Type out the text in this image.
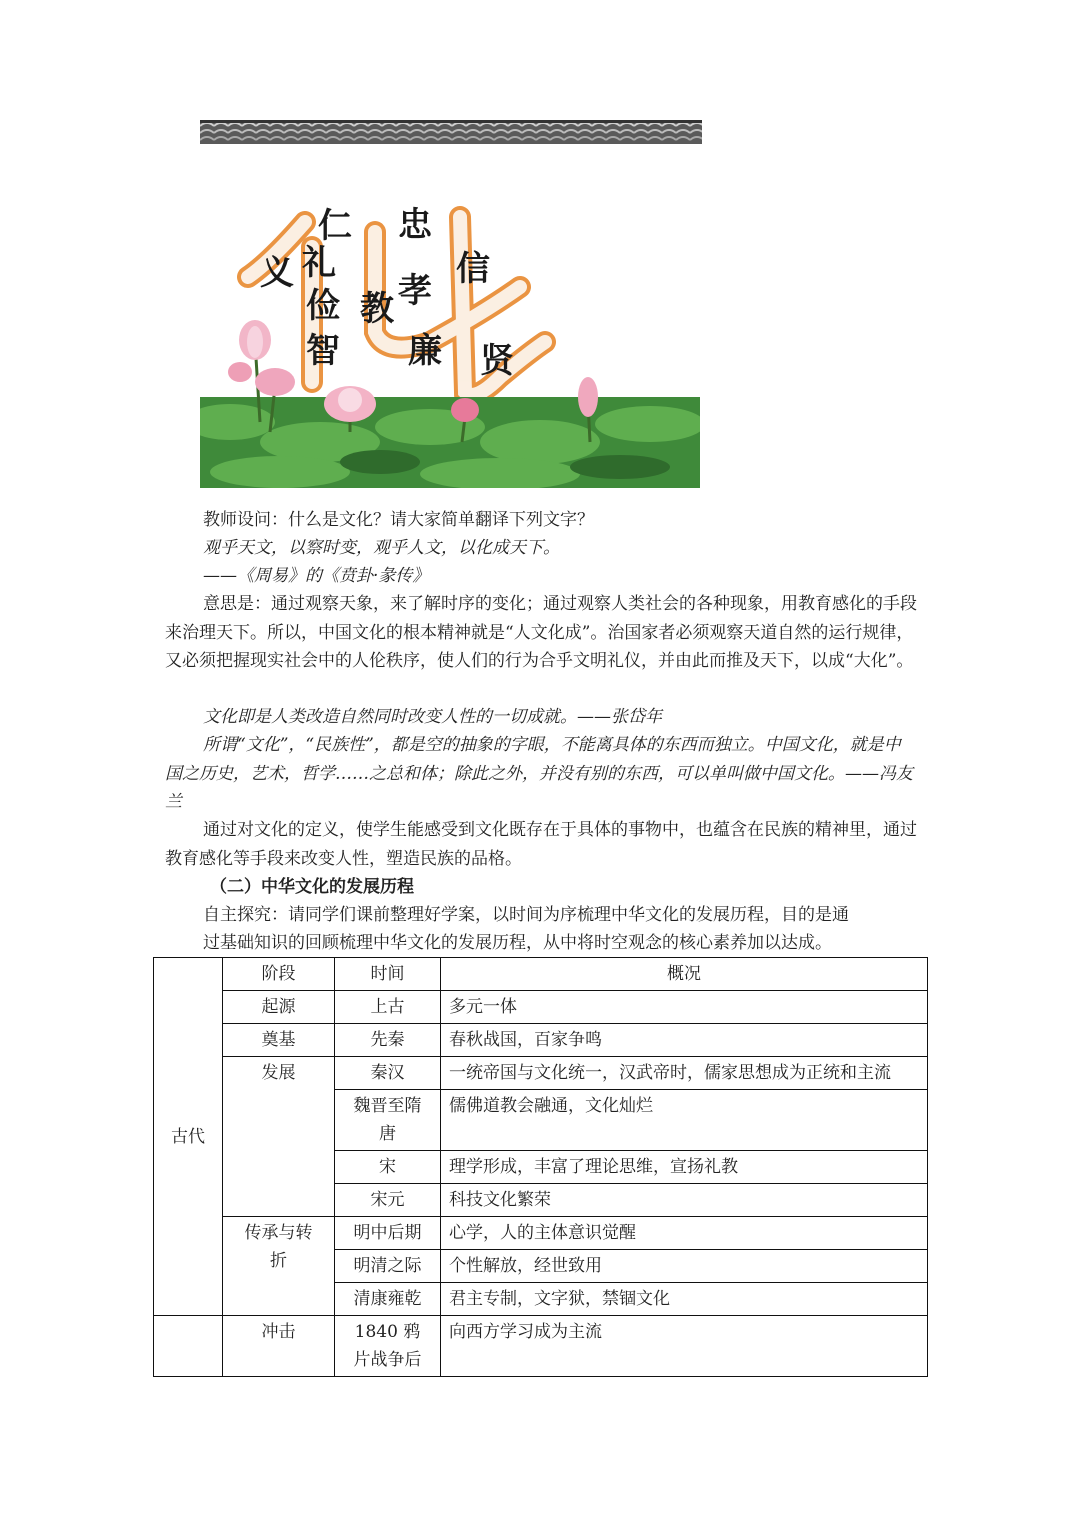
仁 忠
义 礼	信
俭 教 孝
智 廉 贤

教师设问：什么是文化？请大家简单翻译下列文字？

观乎天文，以察时变，观乎人文，以化成天下。

——《周易》的《贲卦·彖传》

意思是：通过观察天象，来了解时序的变化；通过观察人类社会的各种现象，用教育感化的手段来治理天下。所以，中国文化的根本精神就是“人文化成”。治国家者必须观察天道自然的运行规律，又必须把握现实社会中的人伦秩序，使人们的行为合乎文明礼仪，并由此而推及天下，以成“大化”。

文化即是人类改造自然同时改变人性的一切成就。——张岱年

所谓“文化”，“民族性”，都是空的抽象的字眼，不能离具体的东西而独立。中国文化，就是中国之历史，艺术，哲学……之总和体；除此之外，并没有别的东西，可以单叫做中国文化。——冯友兰

通过对文化的定义，使学生能感受到文化既存在于具体的事物中，也蕴含在民族的精神里，通过教育感化等手段来改变人性，塑造民族的品格。

（二）中华文化的发展历程

自主探究：请同学们课前整理好学案，以时间为序梳理中华文化的发展历程，目的是通

过基础知识的回顾梳理中华文化的发展历程，从中将时空观念的核心素养加以达成。

古代	阶段	时间	概况
	起源	上古	多元一体
	奠基	先秦	春秋战国，百家争鸣
	发展	秦汉	一统帝国与文化统一，汉武帝时，儒家思想成为正统和主流
		魏晋至隋唐	儒佛道教会融通，文化灿烂
		宋	理学形成，丰富了理论思维，宣扬礼教
		宋元	科技文化繁荣
	传承与转折	明中后期	心学，人的主体意识觉醒
		明清之际	个性解放，经世致用
		清康雍乾	君主专制，文字狱，禁锢文化
	冲击	1840 鸦片战争后	向西方学习成为主流
